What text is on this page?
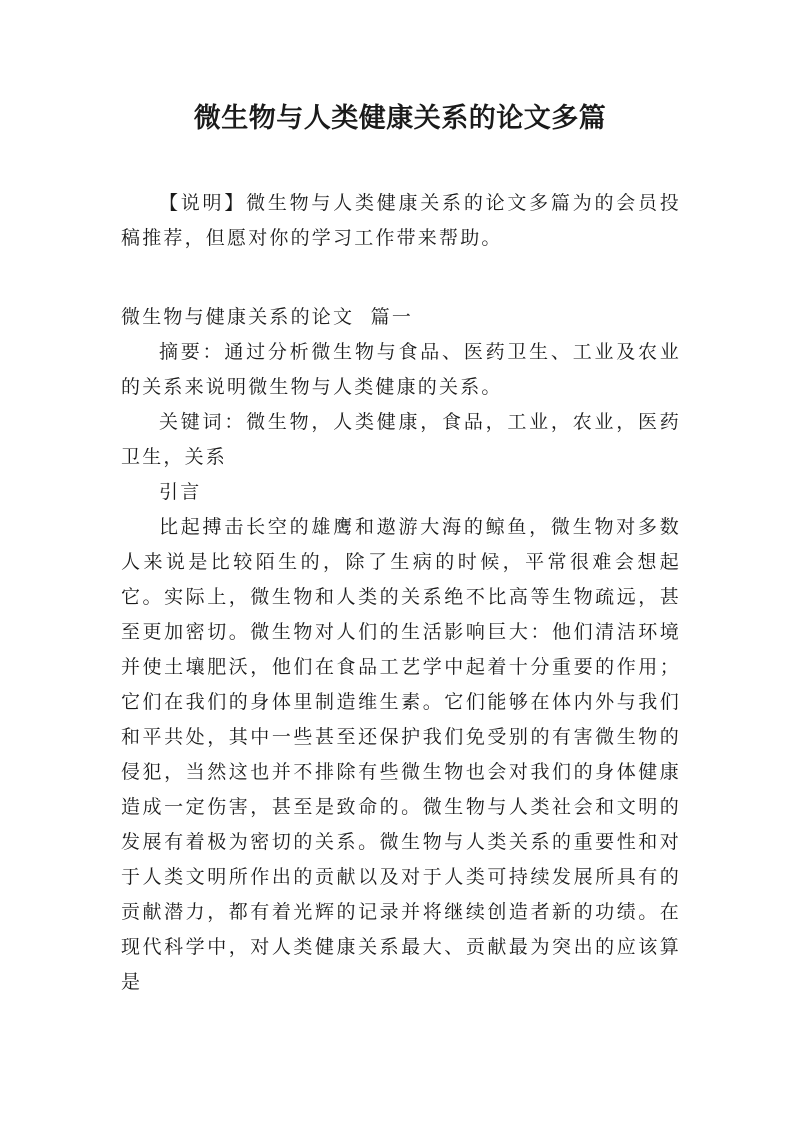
微生物与人类健康关系的论文多篇

【说明】微生物与人类健康关系的论文多篇为的会员投稿推荐，但愿对你的学习工作带来帮助。

微生物与健康关系的论文  篇一

摘要：通过分析微生物与食品、医药卫生、工业及农业的关系来说明微生物与人类健康的关系。

关键词：微生物，人类健康，食品，工业，农业，医药卫生，关系

引言

比起搏击长空的雄鹰和遨游大海的鲸鱼，微生物对多数人来说是比较陌生的，除了生病的时候，平常很难会想起它。实际上，微生物和人类的关系绝不比高等生物疏远，甚至更加密切。微生物对人们的生活影响巨大：他们清洁环境并使土壤肥沃，他们在食品工艺学中起着十分重要的作用；它们在我们的身体里制造维生素。它们能够在体内外与我们和平共处，其中一些甚至还保护我们免受别的有害微生物的侵犯，当然这也并不排除有些微生物也会对我们的身体健康造成一定伤害，甚至是致命的。微生物与人类社会和文明的发展有着极为密切的关系。微生物与人类关系的重要性和对于人类文明所作出的贡献以及对于人类可持续发展所具有的贡献潜力，都有着光辉的记录并将继续创造者新的功绩。在现代科学中，对人类健康关系最大、贡献最为突出的应该算是
